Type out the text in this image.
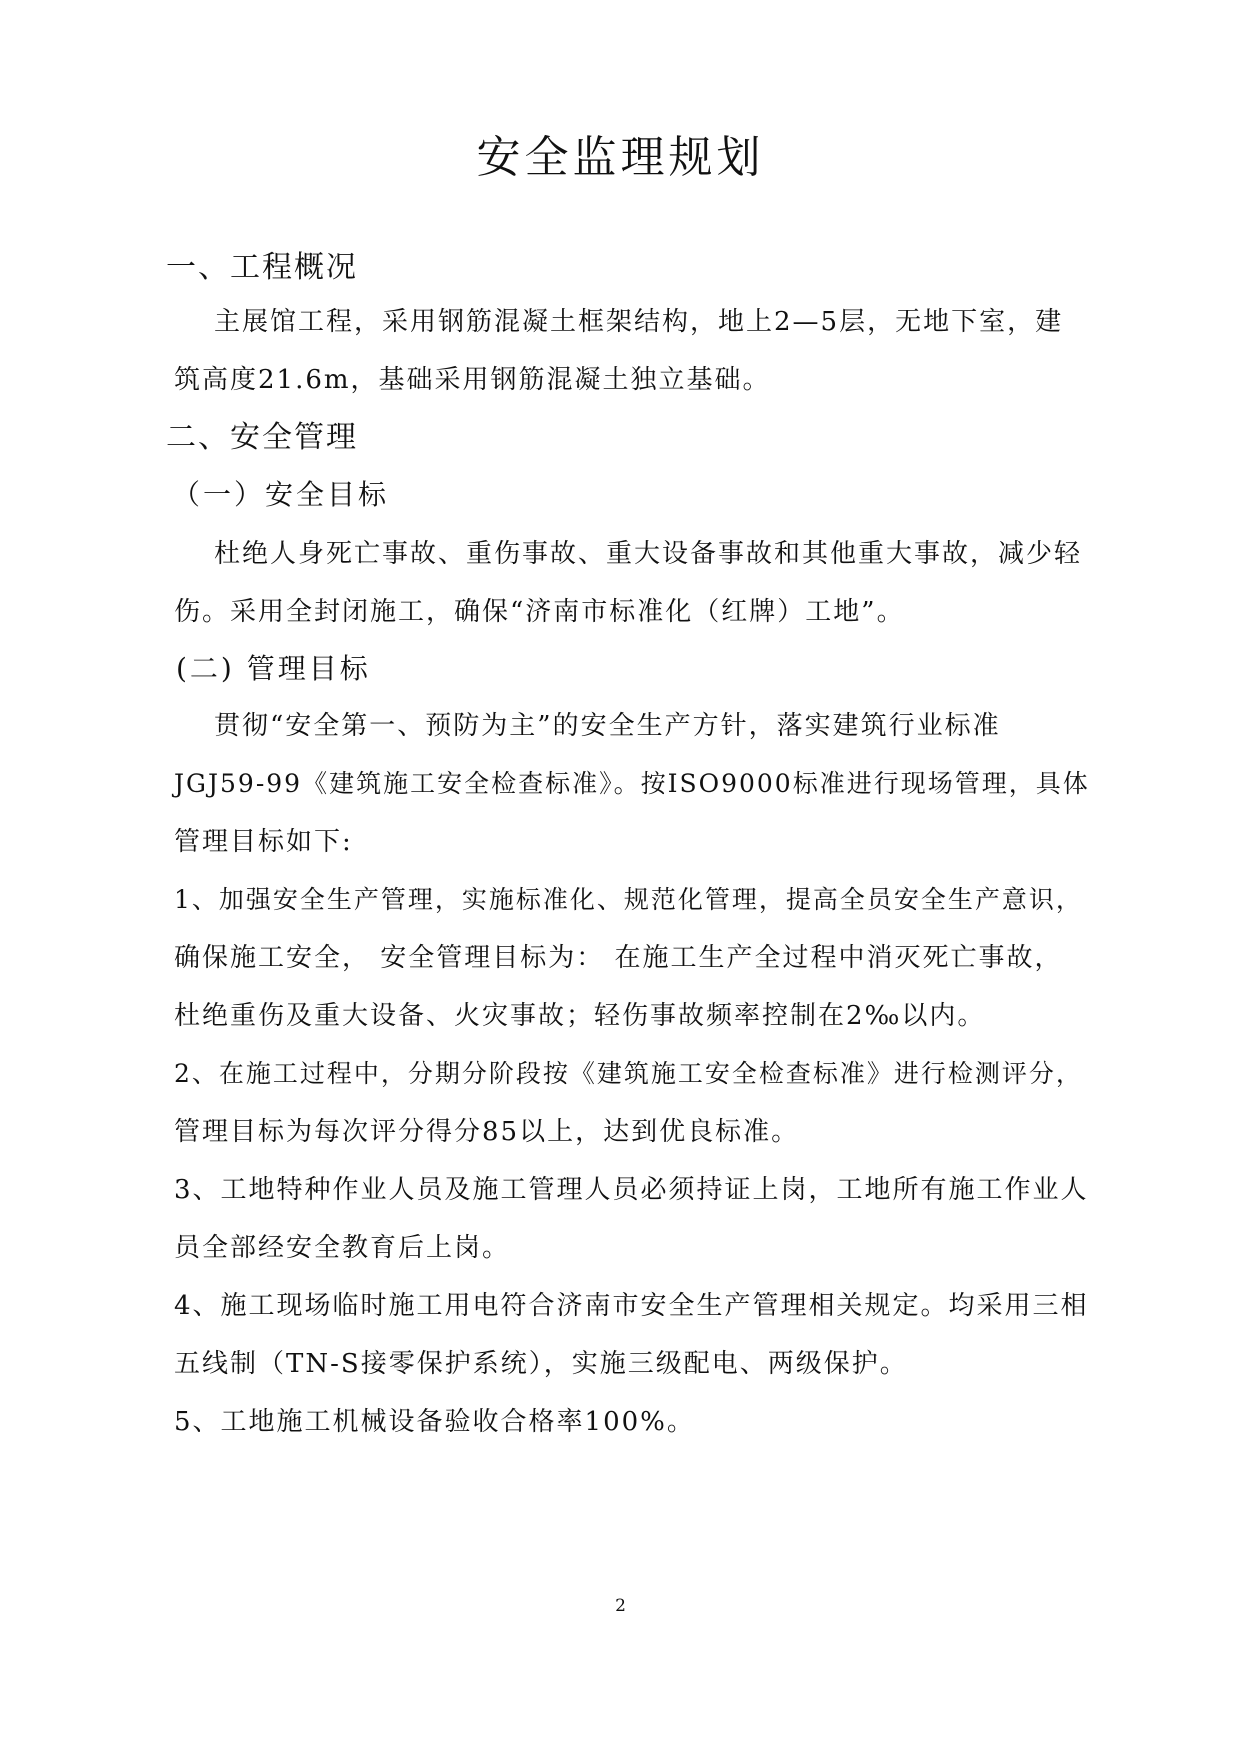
安全监理规划
一、工程概况
主展馆工程，采用钢筋混凝土框架结构，地上2—5层，无地下室，建
筑高度21.6m，基础采用钢筋混凝土独立基础。
二、安全管理
（一）安全目标
杜绝人身死亡事故、重伤事故、重大设备事故和其他重大事故，减少轻
伤。采用全封闭施工，确保“济南市标准化（红牌）工地”。
(二) 管理目标
贯彻“安全第一、预防为主”的安全生产方针，落实建筑行业标准
JGJ59-99《建筑施工安全检查标准》。按ISO9000标准进行现场管理，具体
管理目标如下:
1、加强安全生产管理，实施标准化、规范化管理，提高全员安全生产意识，
确保施工安全， 安全管理目标为： 在施工生产全过程中消灭死亡事故，
杜绝重伤及重大设备、火灾事故；轻伤事故频率控制在2‰以内。
2、在施工过程中，分期分阶段按《建筑施工安全检查标准》进行检测评分，
管理目标为每次评分得分85以上，达到优良标准。
3、工地特种作业人员及施工管理人员必须持证上岗，工地所有施工作业人
员全部经安全教育后上岗。
4、施工现场临时施工用电符合济南市安全生产管理相关规定。均采用三相
五线制（TN-S接零保护系统），实施三级配电、两级保护。
5、工地施工机械设备验收合格率100%。
2
